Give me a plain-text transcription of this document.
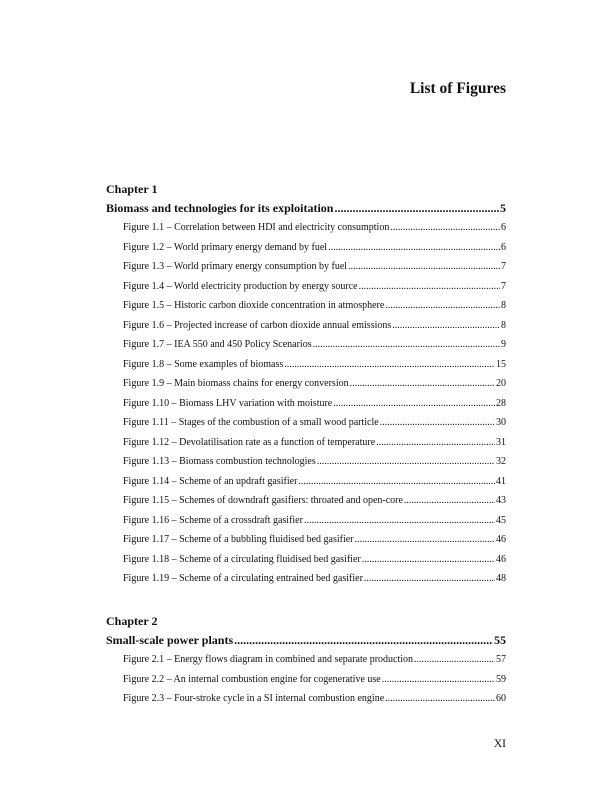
List of Figures
Chapter 1
Biomass and technologies for its exploitation .....	5
Figure 1.1 – Correlation between HDI and electricity consumption .....	6
Figure 1.2 – World primary energy demand by fuel .....	6
Figure 1.3 – World primary energy consumption by fuel .....	7
Figure 1.4 – World electricity production by energy source .....	7
Figure 1.5 – Historic carbon dioxide concentration in atmosphere .....	8
Figure 1.6 – Projected increase of carbon dioxide annual emissions .....	8
Figure 1.7 – IEA 550 and 450 Policy Scenarios .....	9
Figure 1.8 – Some examples of biomass .....	15
Figure 1.9 – Main biomass chains for energy conversion .....	20
Figure 1.10 – Biomass LHV variation with moisture .....	28
Figure 1.11 – Stages of the combustion of a small wood particle .....	30
Figure 1.12 – Devolatilisation rate as a function of temperature .....	31
Figure 1.13 – Biomass combustion technologies .....	32
Figure 1.14 – Scheme of an updraft gasifier .....	41
Figure 1.15 – Schemes of downdraft gasifiers: throated and open-core .....	43
Figure 1.16 – Scheme of a crossdraft gasifier .....	45
Figure 1.17 – Scheme of a bubbling fluidised bed gasifier .....	46
Figure 1.18 – Scheme of a circulating fluidised bed gasifier .....	46
Figure 1.19 – Scheme of a circulating entrained bed gasifier .....	48
Chapter 2
Small-scale power plants .....	55
Figure 2.1 – Energy flows diagram in combined and separate production .....	57
Figure 2.2 – An internal combustion engine for cogenerative use .....	59
Figure 2.3 – Four-stroke cycle in a SI internal combustion engine .....	60
XI
